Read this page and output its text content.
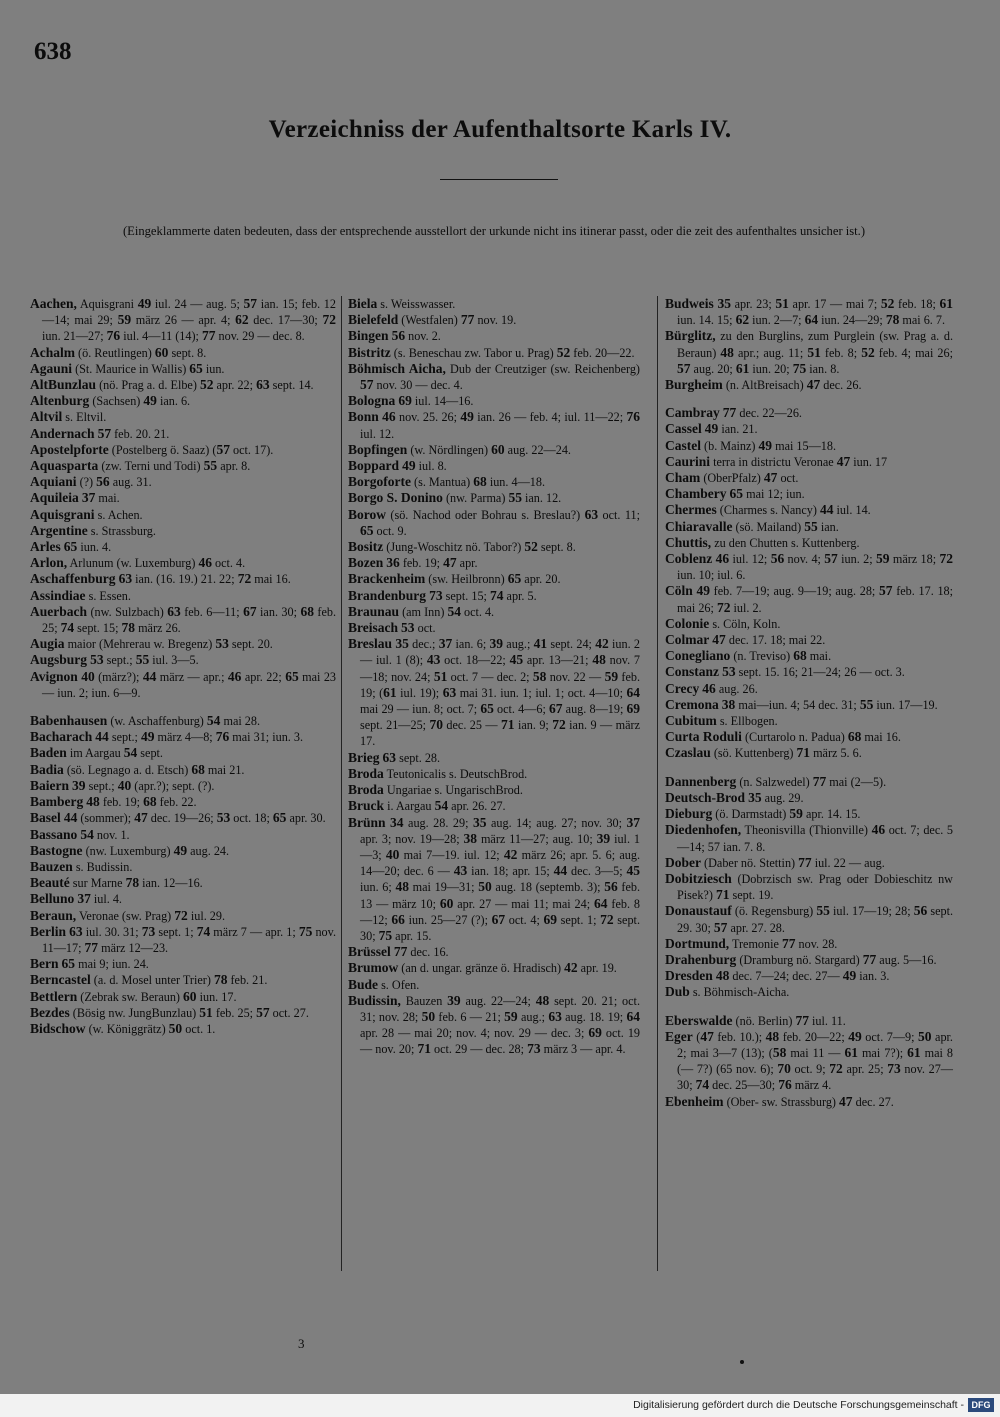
638
Verzeichniss der Aufenthaltsorte Karls IV.
(Eingeklammerte daten bedeuten, dass der entsprechende ausstellort der urkunde nicht ins itinerar passt, oder die zeit des aufenthaltes unsicher ist.)

Aachen, Aquisgrani 49 iul. 24 — aug. 5; 57 ian. 15; feb. 12—14; mai 29; 59 märz 26 — apr. 4; 62 dec. 17—30; 72 iun. 21—27; 76 iul. 4—11 (14); 77 nov. 29 — dec. 8.

Achalm (ö. Reutlingen) 60 sept. 8.

Agauni (St. Maurice in Wallis) 65 iun.

AltBunzlau (nö. Prag a. d. Elbe) 52 apr. 22; 63 sept. 14.

Altenburg (Sachsen) 49 ian. 6.

Altvil s. Eltvil.

Andernach 57 feb. 20. 21.

Apostelpforte (Postelberg ö. Saaz) (57 oct. 17).

Aquasparta (zw. Terni und Todi) 55 apr. 8.

Aquiani (?) 56 aug. 31.

Aquileia 37 mai.

Aquisgrani s. Achen.

Argentine s. Strassburg.

Arles 65 iun. 4.

Arlon, Arlunum (w. Luxemburg) 46 oct. 4.

Aschaffenburg 63 ian. (16. 19.) 21. 22; 72 mai 16.

Assindiae s. Essen.

Auerbach (nw. Sulzbach) 63 feb. 6—11; 67 ian. 30; 68 feb. 25; 74 sept. 15; 78 märz 26.

Augia maior (Mehrerau w. Bregenz) 53 sept. 20.

Augsburg 53 sept.; 55 iul. 3—5.

Avignon 40 (märz?); 44 märz — apr.; 46 apr. 22; 65 mai 23 — iun. 2; iun. 6—9.

Babenhausen (w. Aschaffenburg) 54 mai 28.

Bacharach 44 sept.; 49 märz 4—8; 76 mai 31; iun. 3.

Baden im Aargau 54 sept.

Badia (sö. Legnago a. d. Etsch) 68 mai 21.

Baiern 39 sept.; 40 (apr.?); sept. (?).

Bamberg 48 feb. 19; 68 feb. 22.

Basel 44 (sommer); 47 dec. 19—26; 53 oct. 18; 65 apr. 30.

Bassano 54 nov. 1.

Bastogne (nw. Luxemburg) 49 aug. 24.

Bauzen s. Budissin.

Beauté sur Marne 78 ian. 12—16.

Belluno 37 iul. 4.

Beraun, Veronae (sw. Prag) 72 iul. 29.

Berlin 63 iul. 30. 31; 73 sept. 1; 74 märz 7 — apr. 1; 75 nov. 11—17; 77 märz 12—23.

Bern 65 mai 9; iun. 24.

Berncastel (a. d. Mosel unter Trier) 78 feb. 21.

Bettlern (Zebrak sw. Beraun) 60 iun. 17.

Bezdes (Bösig nw. JungBunzlau) 51 feb. 25; 57 oct. 27.

Bidschow (w. Königgrätz) 50 oct. 1.

Biela s. Weisswasser.

Bielefeld (Westfalen) 77 nov. 19.

Bingen 56 nov. 2.

Bistritz (s. Beneschau zw. Tabor u. Prag) 52 feb. 20—22.

Böhmisch Aicha, Dub der Creutziger (sw. Reichenberg) 57 nov. 30 — dec. 4.

Bologna 69 iul. 14—16.

Bonn 46 nov. 25. 26; 49 ian. 26 — feb. 4; iul. 11—22; 76 iul. 12.

Bopfingen (w. Nördlingen) 60 aug. 22—24.

Boppard 49 iul. 8.

Borgoforte (s. Mantua) 68 iun. 4—18.

Borgo S. Donino (nw. Parma) 55 ian. 12.

Borow (sö. Nachod oder Bohrau s. Breslau?) 63 oct. 11; 65 oct. 9.

Bositz (Jung-Woschitz nö. Tabor?) 52 sept. 8.

Bozen 36 feb. 19; 47 apr.

Brackenheim (sw. Heilbronn) 65 apr. 20.

Brandenburg 73 sept. 15; 74 apr. 5.

Braunau (am Inn) 54 oct. 4.

Breisach 53 oct.

Breslau 35 dec.; 37 ian. 6; 39 aug.; 41 sept. 24; 42 iun. 2 — iul. 1 (8); 43 oct. 18—22; 45 apr. 13—21; 48 nov. 7—18; nov. 24; 51 oct. 7 — dec. 2; 58 nov. 22 — 59 feb. 19; (61 iul. 19); 63 mai 31. iun. 1; iul. 1; oct. 4—10; 64 mai 29 — iun. 8; oct. 7; 65 oct. 4—6; 67 aug. 8—19; 69 sept. 21—25; 70 dec. 25 — 71 ian. 9; 72 ian. 9 — märz 17.

Brieg 63 sept. 28.

Broda Teutonicalis s. DeutschBrod.

Broda Ungariae s. UngarischBrod.

Bruck i. Aargau 54 apr. 26. 27.

Brünn 34 aug. 28. 29; 35 aug. 14; aug. 27; nov. 30; 37 apr. 3; nov. 19—28; 38 märz 11—27; aug. 10; 39 iul. 1—3; 40 mai 7—19. iul. 12; 42 märz 26; apr. 5. 6; aug. 14—20; dec. 6 — 43 ian. 18; apr. 15; 44 dec. 3—5; 45 iun. 6; 48 mai 19—31; 50 aug. 18 (septemb. 3); 56 feb. 13 — märz 10; 60 apr. 27 — mai 11; mai 24; 64 feb. 8—12; 66 iun. 25—27 (?); 67 oct. 4; 69 sept. 1; 72 sept. 30; 75 apr. 15.

Brüssel 77 dec. 16.

Brumow (an d. ungar. gränze ö. Hradisch) 42 apr. 19.

Bude s. Ofen.

Budissin, Bauzen 39 aug. 22—24; 48 sept. 20. 21; oct. 31; nov. 28; 50 feb. 6 — 21; 59 aug.; 63 aug. 18. 19; 64 apr. 28 — mai 20; nov. 4; nov. 29 — dec. 3; 69 oct. 19 — nov. 20; 71 oct. 29 — dec. 28; 73 märz 3 — apr. 4.

Budweis 35 apr. 23; 51 apr. 17 — mai 7; 52 feb. 18; 61 iun. 14. 15; 62 iun. 2—7; 64 iun. 24—29; 78 mai 6. 7.

Bürglitz, zu den Burglins, zum Purglein (sw. Prag a. d. Beraun) 48 apr.; aug. 11; 51 feb. 8; 52 feb. 4; mai 26; 57 aug. 20; 61 iun. 20; 75 ian. 8.

Burgheim (n. AltBreisach) 47 dec. 26.

Cambray 77 dec. 22—26.

Cassel 49 ian. 21.

Castel (b. Mainz) 49 mai 15—18.

Caurini terra in districtu Veronae 47 iun. 17

Cham (OberPfalz) 47 oct.

Chambery 65 mai 12; iun.

Chermes (Charmes s. Nancy) 44 iul. 14.

Chiaravalle (sö. Mailand) 55 ian.

Chuttis, zu den Chutten s. Kuttenberg.

Coblenz 46 iul. 12; 56 nov. 4; 57 iun. 2; 59 märz 18; 72 iun. 10; iul. 6.

Cöln 49 feb. 7—19; aug. 9—19; aug. 28; 57 feb. 17. 18; mai 26; 72 iul. 2.

Colonie s. Cöln, Koln.

Colmar 47 dec. 17. 18; mai 22.

Conegliano (n. Treviso) 68 mai.

Constanz 53 sept. 15. 16; 21—24; 26 — oct. 3.

Crecy 46 aug. 26.

Cremona 38 mai—iun. 4; 54 dec. 31; 55 iun. 17—19.

Cubitum s. Ellbogen.

Curta Roduli (Curtarolo n. Padua) 68 mai 16.

Czaslau (sö. Kuttenberg) 71 märz 5. 6.

Dannenberg (n. Salzwedel) 77 mai (2—5).

Deutsch-Brod 35 aug. 29.

Dieburg (ö. Darmstadt) 59 apr. 14. 15.

Diedenhofen, Theonisvilla (Thionville) 46 oct. 7; dec. 5—14; 57 ian. 7. 8.

Dober (Daber nö. Stettin) 77 iul. 22 — aug.

Dobitziesch (Dobrzisch sw. Prag oder Dobieschitz nw Pisek?) 71 sept. 19.

Donaustauf (ö. Regensburg) 55 iul. 17—19; 28; 56 sept. 29. 30; 57 apr. 27. 28.

Dortmund, Tremonie 77 nov. 28.

Drahenburg (Dramburg nö. Stargard) 77 aug. 5—16.

Dresden 48 dec. 7—24; dec. 27— 49 ian. 3.

Dub s. Böhmisch-Aicha.

Eberswalde (nö. Berlin) 77 iul. 11.

Eger (47 feb. 10.); 48 feb. 20—22; 49 oct. 7—9; 50 apr. 2; mai 3—7 (13); (58 mai 11 — 61 mai 7?); 61 mai 8 (— 7?) (65 nov. 6); 70 oct. 9; 72 apr. 25; 73 nov. 27—30; 74 dec. 25—30; 76 märz 4.

Ebenheim (Ober- sw. Strassburg) 47 dec. 27.

3
Digitalisierung gefördert durch die Deutsche Forschungsgemeinschaft - DFG
